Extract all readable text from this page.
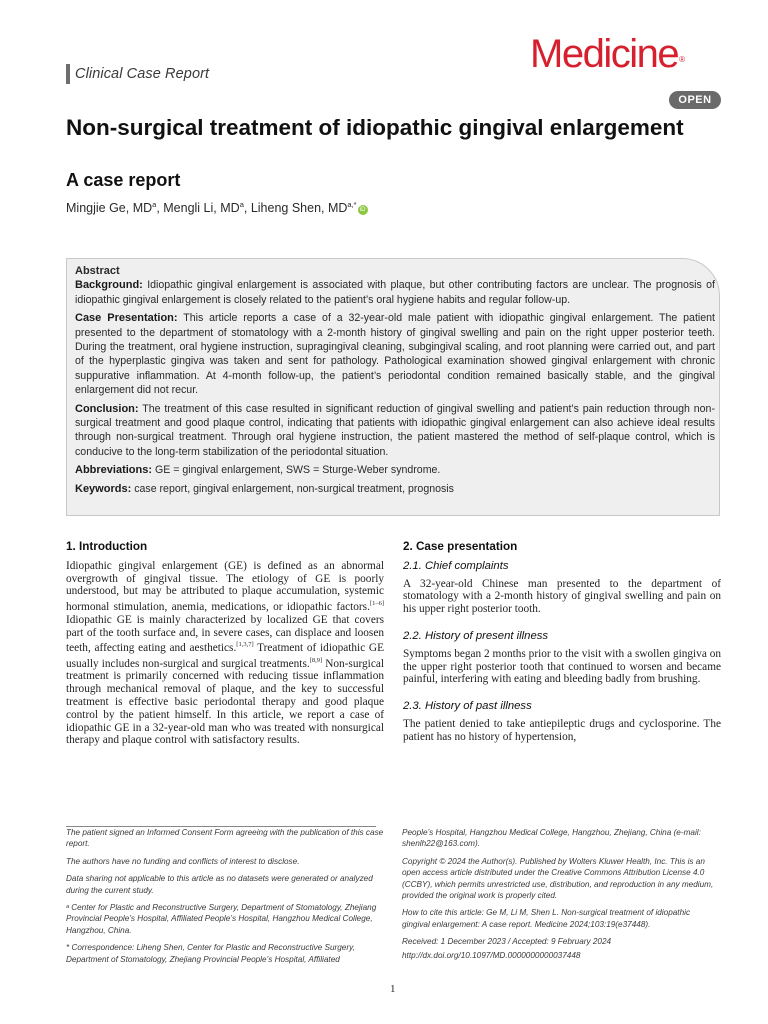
Clinical Case Report	Medicine®
OPEN
Non-surgical treatment of idiopathic gingival enlargement
A case report
Mingjie Ge, $MD^a$, Mengli Li, $MD^a$, Liheng Shen, $MD^{a,*}iD$

Abstract

Background: Idiopathic gingival enlargement is associated with plaque, but other contributing factors are unclear. The prognosis of idiopathic gingival enlargement is closely related to the patient’s oral hygiene habits and regular follow-up.

Case Presentation: This article reports a case of a 32-year-old male patient with idiopathic gingival enlargement. The patient presented to the department of stomatology with a 2-month history of gingival swelling and pain on the right upper posterior teeth. During the treatment, oral hygiene instruction, supragingival cleaning, subgingival scaling, and root planning were carried out, and part of the hyperplastic gingiva was taken and sent for pathology. Pathological examination showed gingival enlargement with chronic suppurative inflammation. At 4-month follow-up, the patient’s periodontal condition remained basically stable, and the gingival enlargement did not recur.

Conclusion: The treatment of this case resulted in significant reduction of gingival swelling and patient’s pain reduction through non-surgical treatment and good plaque control, indicating that patients with idiopathic gingival enlargement can also achieve ideal results through non-surgical treatment. Through oral hygiene instruction, the patient mastered the method of self-plaque control, which is conducive to the long-term stabilization of the periodontal situation.

Abbreviations: GE = gingival enlargement, SWS = Sturge-Weber syndrome.

Keywords: case report, gingival enlargement, non-surgical treatment, prognosis

1. Introduction

Idiopathic gingival enlargement (GE) is defined as an abnormal overgrowth of gingival tissue. The etiology of GE is poorly understood, but may be attributed to plaque accumulation, systemic hormonal stimulation, anemia, medications, or idiopathic factors.[1–6] Idiopathic GE is mainly characterized by localized GE that covers part of the tooth surface and, in severe cases, can displace and loosen teeth, affecting eating and aesthetics.[1,3,7] Treatment of idiopathic GE usually includes non-surgical and surgical treatments.[8,9] Non-surgical treatment is primarily concerned with reducing tissue inflammation through mechanical removal of plaque, and the key to successful treatment is effective basic periodontal therapy and good plaque control by the patient himself. In this article, we report a case of idiopathic GE in a 32-year-old man who was treated with nonsurgical therapy and plaque control with satisfactory results.

2. Case presentation
2.1. Chief complaints

A 32-year-old Chinese man presented to the department of stomatology with a 2-month history of gingival swelling and pain on his upper right posterior tooth.

2.2. History of present illness

Symptoms began 2 months prior to the visit with a swollen gingiva on the upper right posterior tooth that continued to worsen and became painful, interfering with eating and bleeding badly from brushing.

2.3. History of past illness

The patient denied to take antiepileptic drugs and cyclosporine. The patient has no history of hypertension,

The patient signed an Informed Consent Form agreeing with the publication of this case report.

The authors have no funding and conflicts of interest to disclose.

Data sharing not applicable to this article as no datasets were generated or analyzed during the current study.

ᵃ Center for Plastic and Reconstructive Surgery, Department of Stomatology, Zhejiang Provincial People’s Hospital, Affiliated People’s Hospital, Hangzhou Medical College, Hangzhou, China.

* Correspondence: Liheng Shen, Center for Plastic and Reconstructive Surgery, Department of Stomatology, Zhejiang Provincial People’s Hospital, Affiliated

People’s Hospital, Hangzhou Medical College, Hangzhou, Zhejiang, China (e-mail: shenlh22@163.com).

Copyright © 2024 the Author(s). Published by Wolters Kluwer Health, Inc. This is an open access article distributed under the Creative Commons Attribution License 4.0 (CCBY), which permits unrestricted use, distribution, and reproduction in any medium, provided the original work is properly cited.

How to cite this article: Ge M, Li M, Shen L. Non-surgical treatment of idiopathic gingival enlargement: A case report. Medicine 2024;103:19(e37448).

Received: 1 December 2023 / Accepted: 9 February 2024

http://dx.doi.org/10.1097/MD.0000000000037448

1
